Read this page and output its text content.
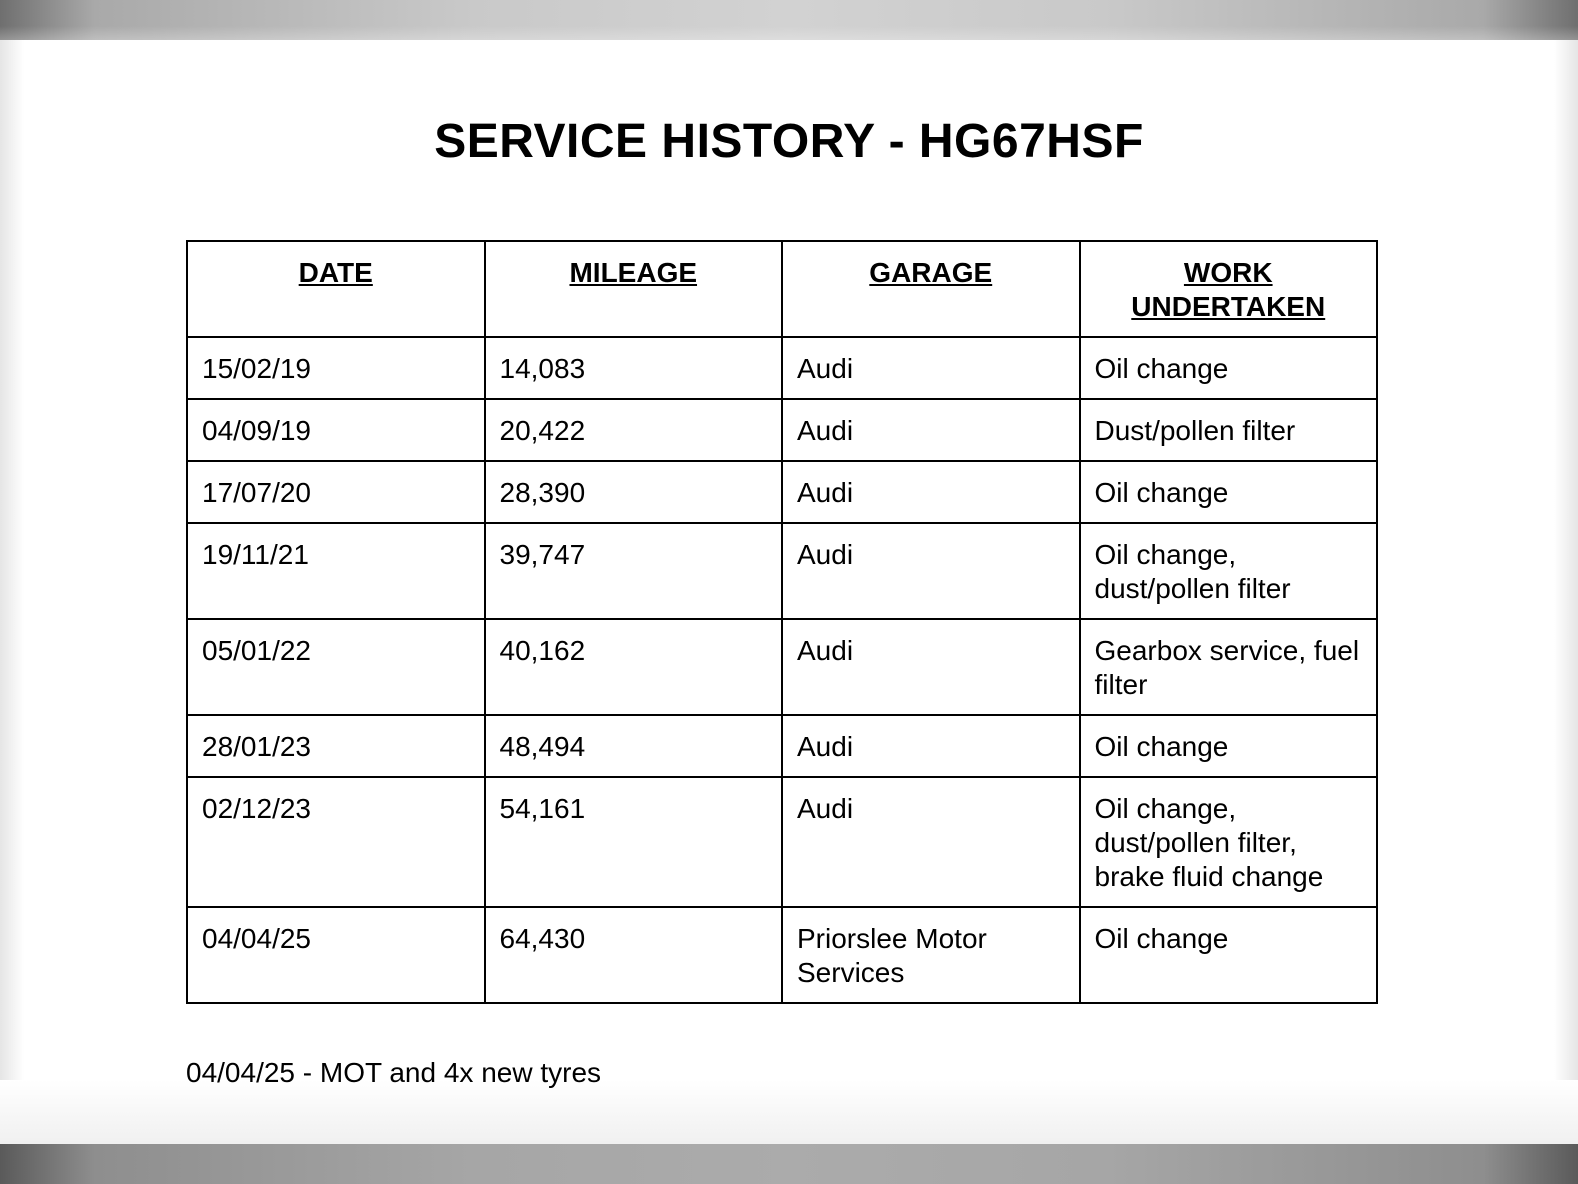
SERVICE HISTORY - HG67HSF
DATE	MILEAGE	GARAGE	WORK UNDERTAKEN
15/02/19	14,083	Audi	Oil change
04/09/19	20,422	Audi	Dust/pollen filter
17/07/20	28,390	Audi	Oil change
19/11/21	39,747	Audi	Oil change, dust/pollen filter
05/01/22	40,162	Audi	Gearbox service, fuel filter
28/01/23	48,494	Audi	Oil change
02/12/23	54,161	Audi	Oil change, dust/pollen filter, brake fluid change
04/04/25	64,430	Priorslee Motor Services	Oil change
04/04/25 - MOT and 4x new tyres
